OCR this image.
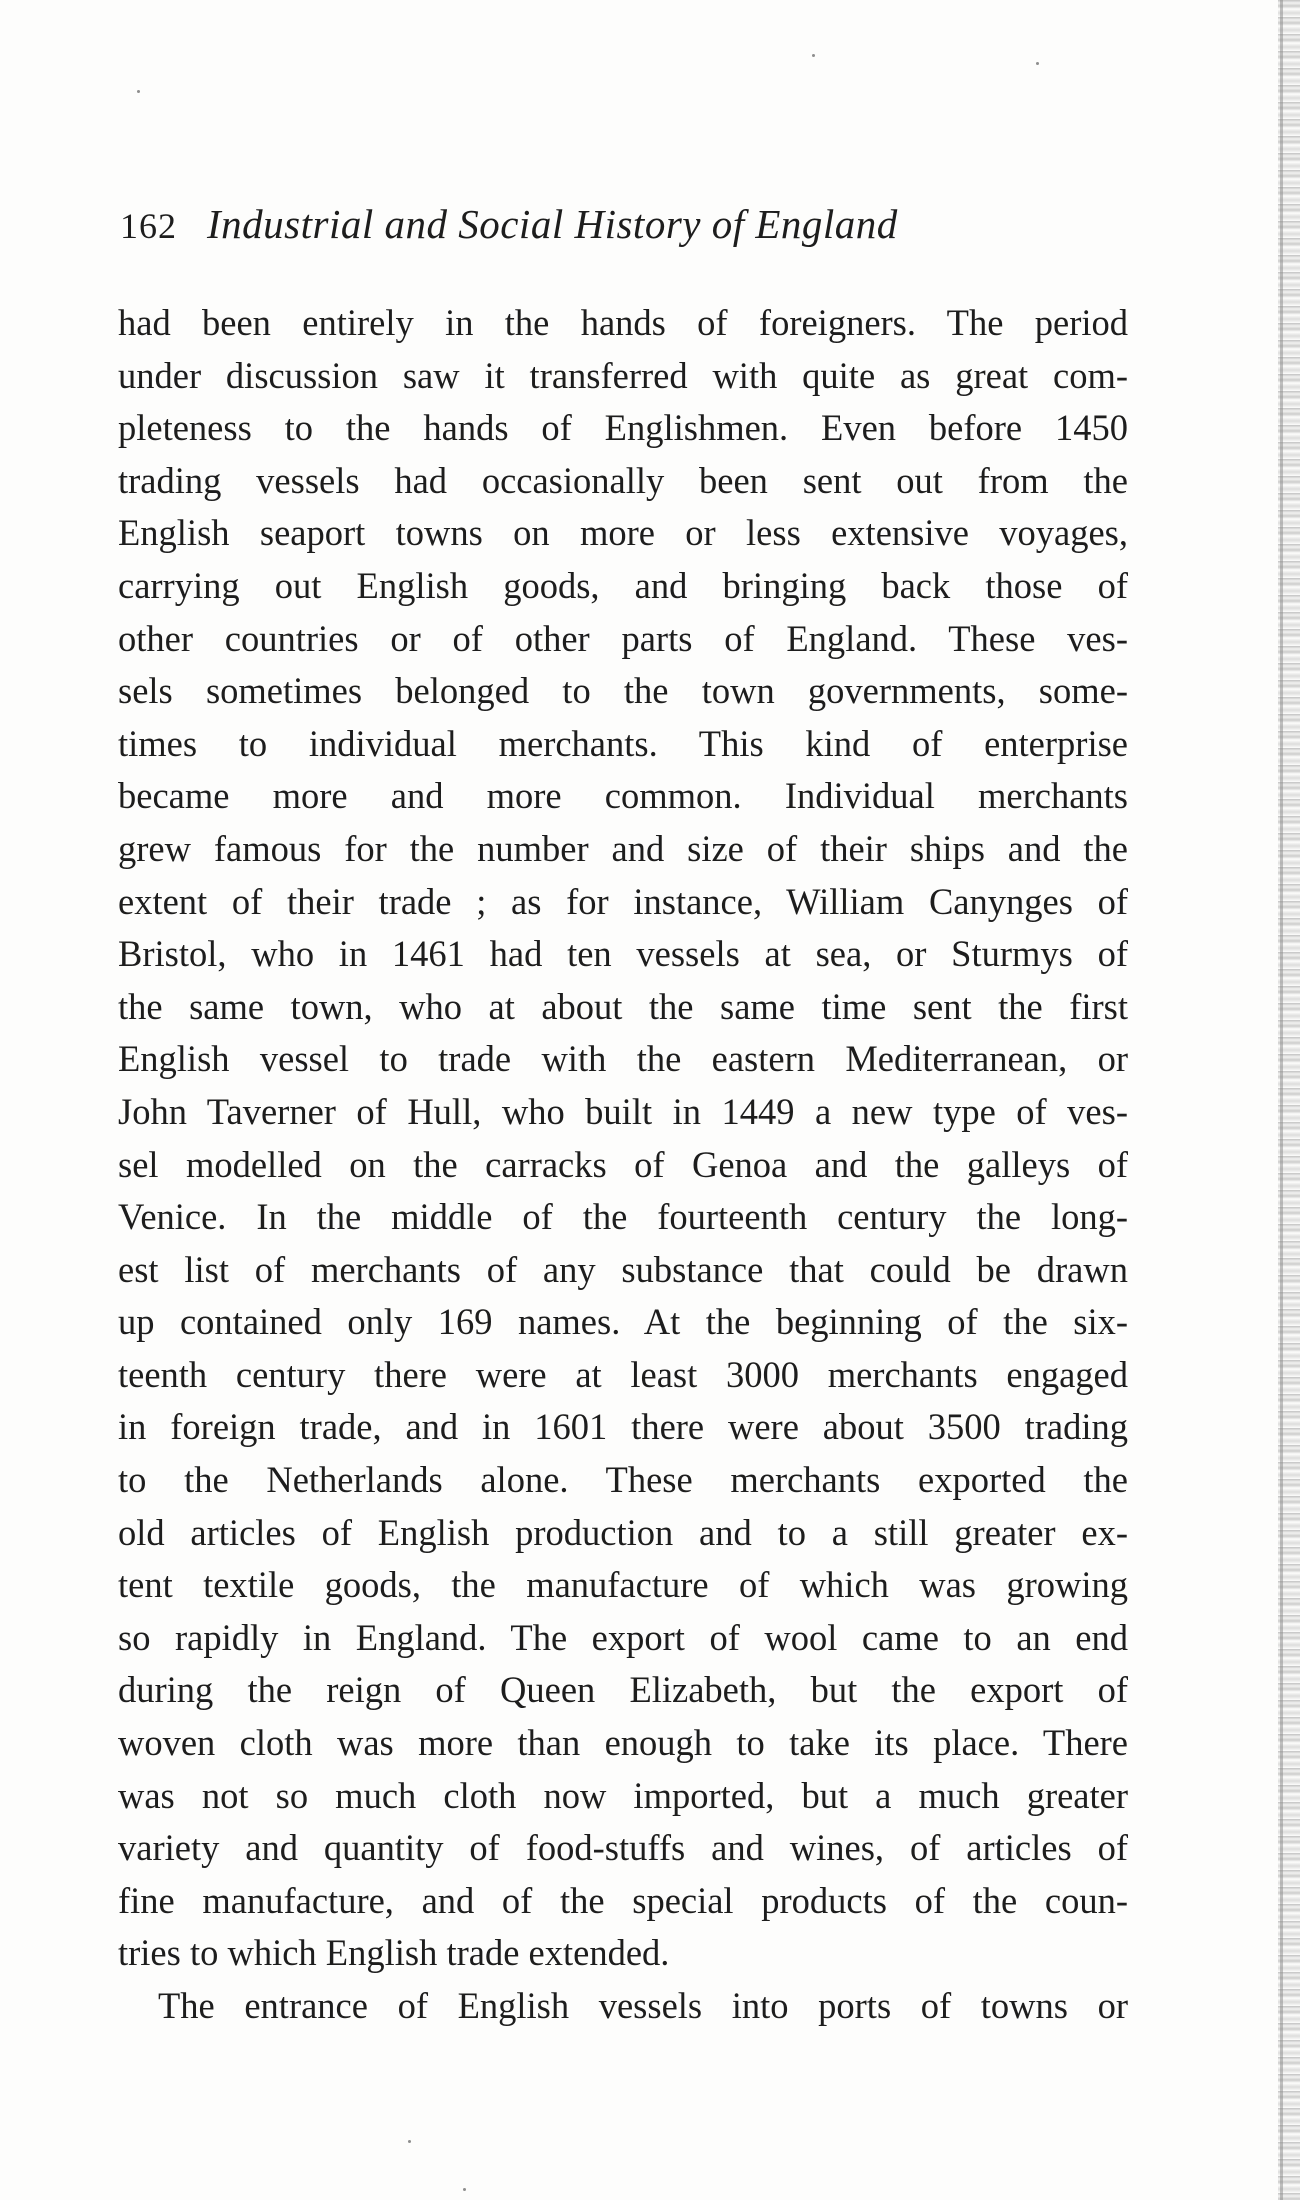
162 Industrial and Social History of England
had been entirely in the hands of foreigners. The period
under discussion saw it transferred with quite as great com-
pleteness to the hands of Englishmen. Even before 1450
trading vessels had occasionally been sent out from the
English seaport towns on more or less extensive voyages,
carrying out English goods, and bringing back those of
other countries or of other parts of England. These ves-
sels sometimes belonged to the town governments, some-
times to individual merchants. This kind of enterprise
became more and more common. Individual merchants
grew famous for the number and size of their ships and the
extent of their trade ; as for instance, William Canynges of
Bristol, who in 1461 had ten vessels at sea, or Sturmys of
the same town, who at about the same time sent the first
English vessel to trade with the eastern Mediterranean, or
John Taverner of Hull, who built in 1449 a new type of ves-
sel modelled on the carracks of Genoa and the galleys of
Venice. In the middle of the fourteenth century the long-
est list of merchants of any substance that could be drawn
up contained only 169 names. At the beginning of the six-
teenth century there were at least 3000 merchants engaged
in foreign trade, and in 1601 there were about 3500 trading
to the Netherlands alone. These merchants exported the
old articles of English production and to a still greater ex-
tent textile goods, the manufacture of which was growing
so rapidly in England. The export of wool came to an end
during the reign of Queen Elizabeth, but the export of
woven cloth was more than enough to take its place. There
was not so much cloth now imported, but a much greater
variety and quantity of food-stuffs and wines, of articles of
fine manufacture, and of the special products of the coun-
tries to which English trade extended.
The entrance of English vessels into ports of towns or
